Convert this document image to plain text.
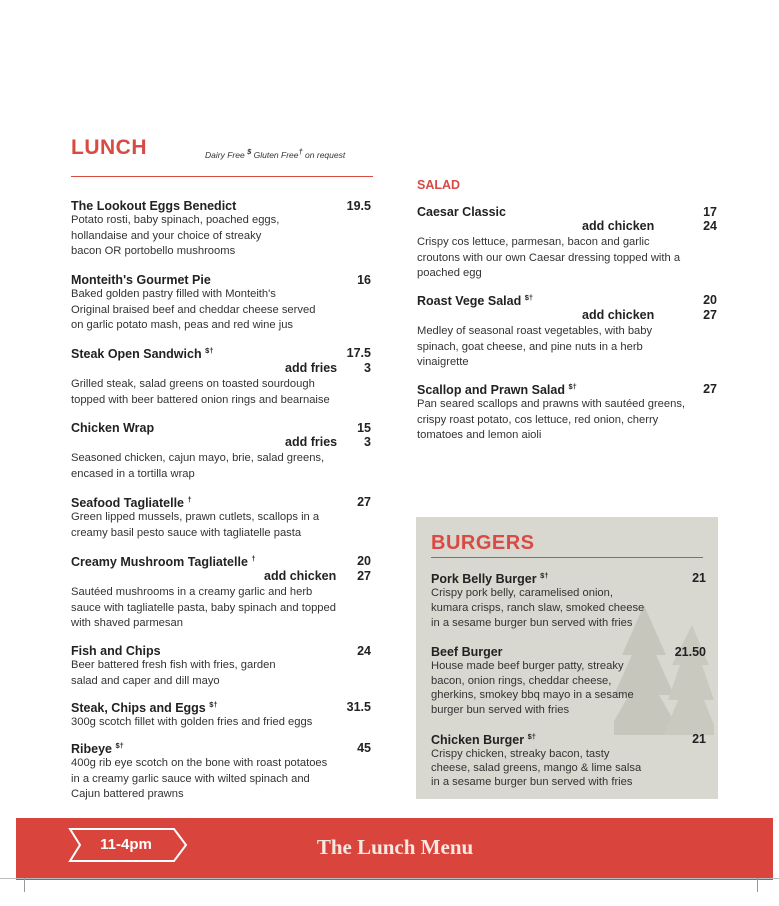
LUNCH	Dairy Free $ Gluten Free† on request
The Lookout Eggs Benedict	19.5
Potato rosti, baby spinach, poached eggs,
hollandaise and your choice of streaky
bacon OR portobello mushrooms
Monteith's Gourmet Pie	16
Baked golden pastry filled with Monteith's
Original braised beef and cheddar cheese served
on garlic potato mash, peas and red wine jus
Steak Open Sandwich $†	17.5
add fries 3
Grilled steak, salad greens on toasted sourdough
topped with beer battered onion rings and bearnaise
Chicken Wrap	15
add fries 3
Seasoned chicken, cajun mayo, brie, salad greens,
encased in a tortilla wrap
Seafood Tagliatelle †	27
Green lipped mussels, prawn cutlets, scallops in a
creamy basil pesto sauce with tagliatelle pasta
Creamy Mushroom Tagliatelle †	20
add chicken 27
Sautéed mushrooms in a creamy garlic and herb
sauce with tagliatelle pasta, baby spinach and topped
with shaved parmesan
Fish and Chips	24
Beer battered fresh fish with fries, garden
salad and caper and dill mayo
Steak, Chips and Eggs $†	31.5
300g scotch fillet with golden fries and fried eggs
Ribeye $†	45
400g rib eye scotch on the bone with roast potatoes
in a creamy garlic sauce with wilted spinach and
Cajun battered prawns
SALAD
Caesar Classic	17
add chicken	24
Crispy cos lettuce, parmesan, bacon and garlic
croutons with our own Caesar dressing topped with a
poached egg
Roast Vege Salad $†	20
add chicken	27
Medley of seasonal roast vegetables, with baby
spinach, goat cheese, and pine nuts in a herb
vinaigrette
Scallop and Prawn Salad $†	27
Pan seared scallops and prawns with sautéed greens,
crispy roast potato, cos lettuce, red onion, cherry
tomatoes and lemon aioli
BURGERS
Pork Belly Burger $†	21
Crispy pork belly, caramelised onion,
kumara crisps, ranch slaw, smoked cheese
in a sesame burger bun served with fries
Beef Burger	21.50
House made beef burger patty, streaky
bacon, onion rings, cheddar cheese,
gherkins, smokey bbq mayo in a sesame
burger bun served with fries
Chicken Burger $†	21
Crispy chicken, streaky bacon, tasty
cheese, salad greens, mango & lime salsa
in a sesame burger bun served with fries
11-4pm	The Lunch Menu
